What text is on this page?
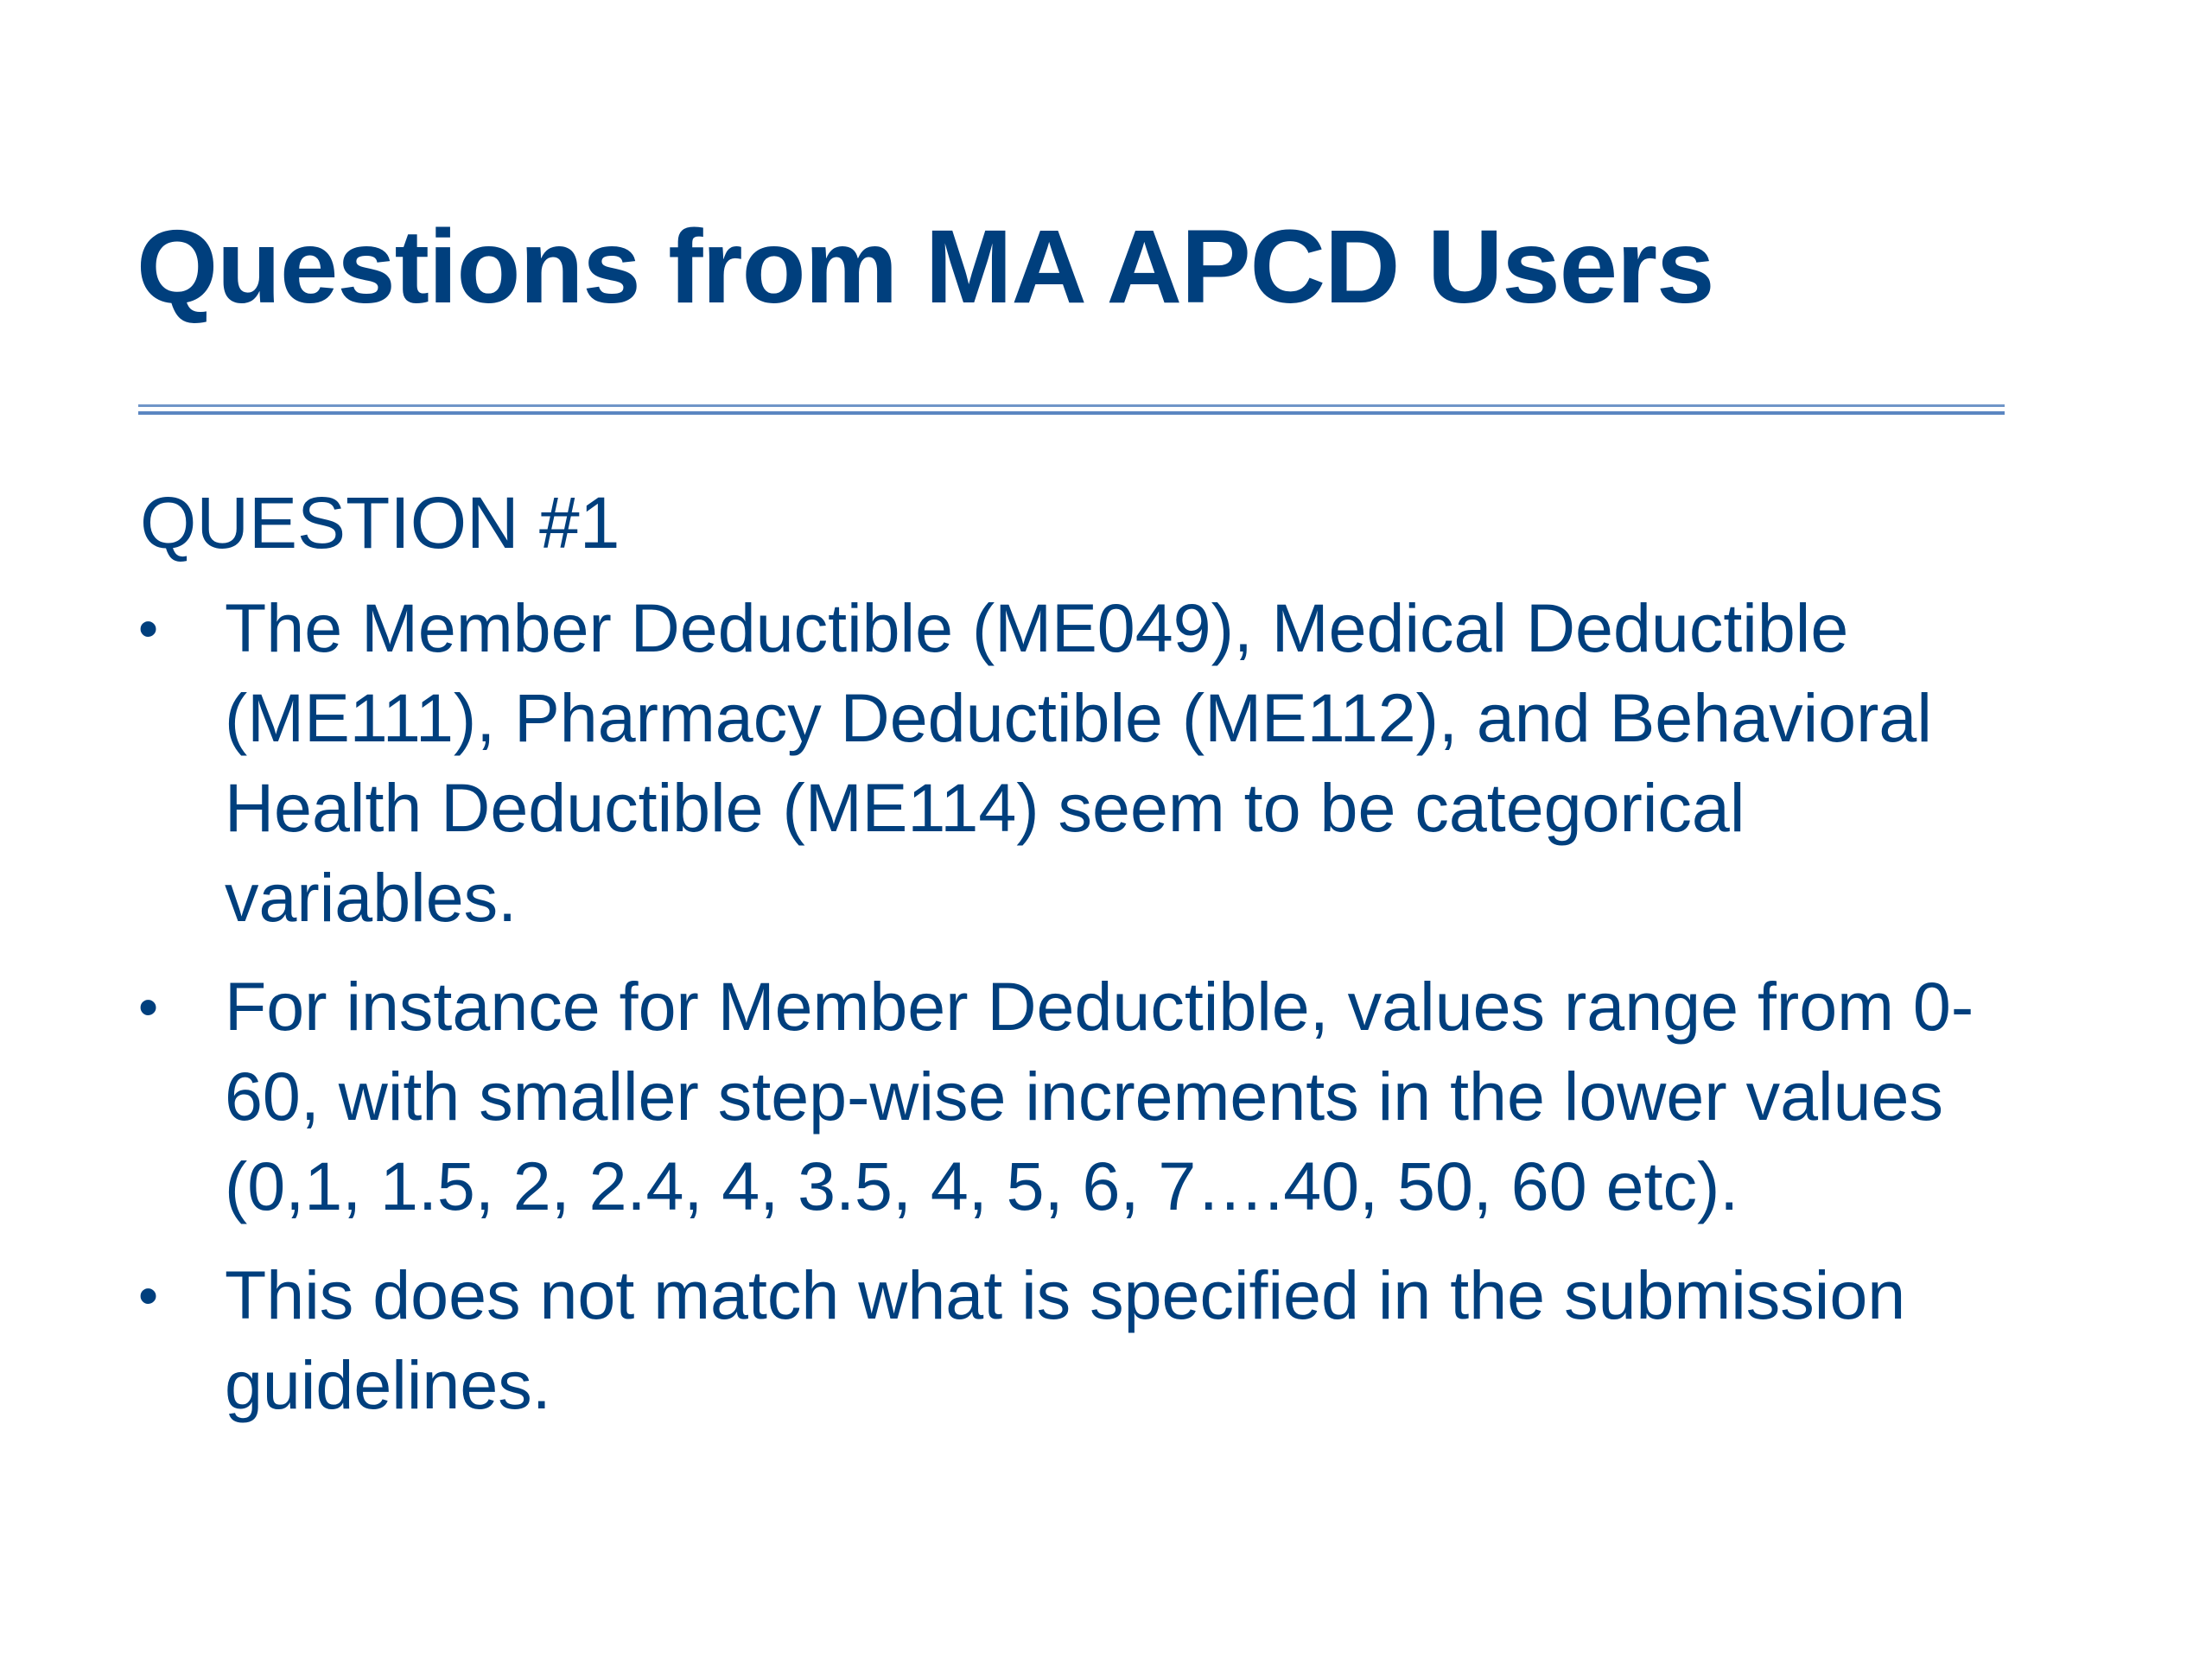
Questions from MA APCD Users
QUESTION #1
• The Member Deductible (ME049), Medical Deductible
(ME111), Pharmacy Deductible (ME112), and Behavioral
Health Deductible (ME114) seem to be categorical
variables.
• For instance for Member Deductible, values range from 0-
60, with smaller step-wise increments in the lower values
(0,1, 1.5, 2, 2.4, 4, 3.5, 4, 5, 6, 7….40, 50, 60 etc).
• This does not match what is specified in the submission
guidelines.
